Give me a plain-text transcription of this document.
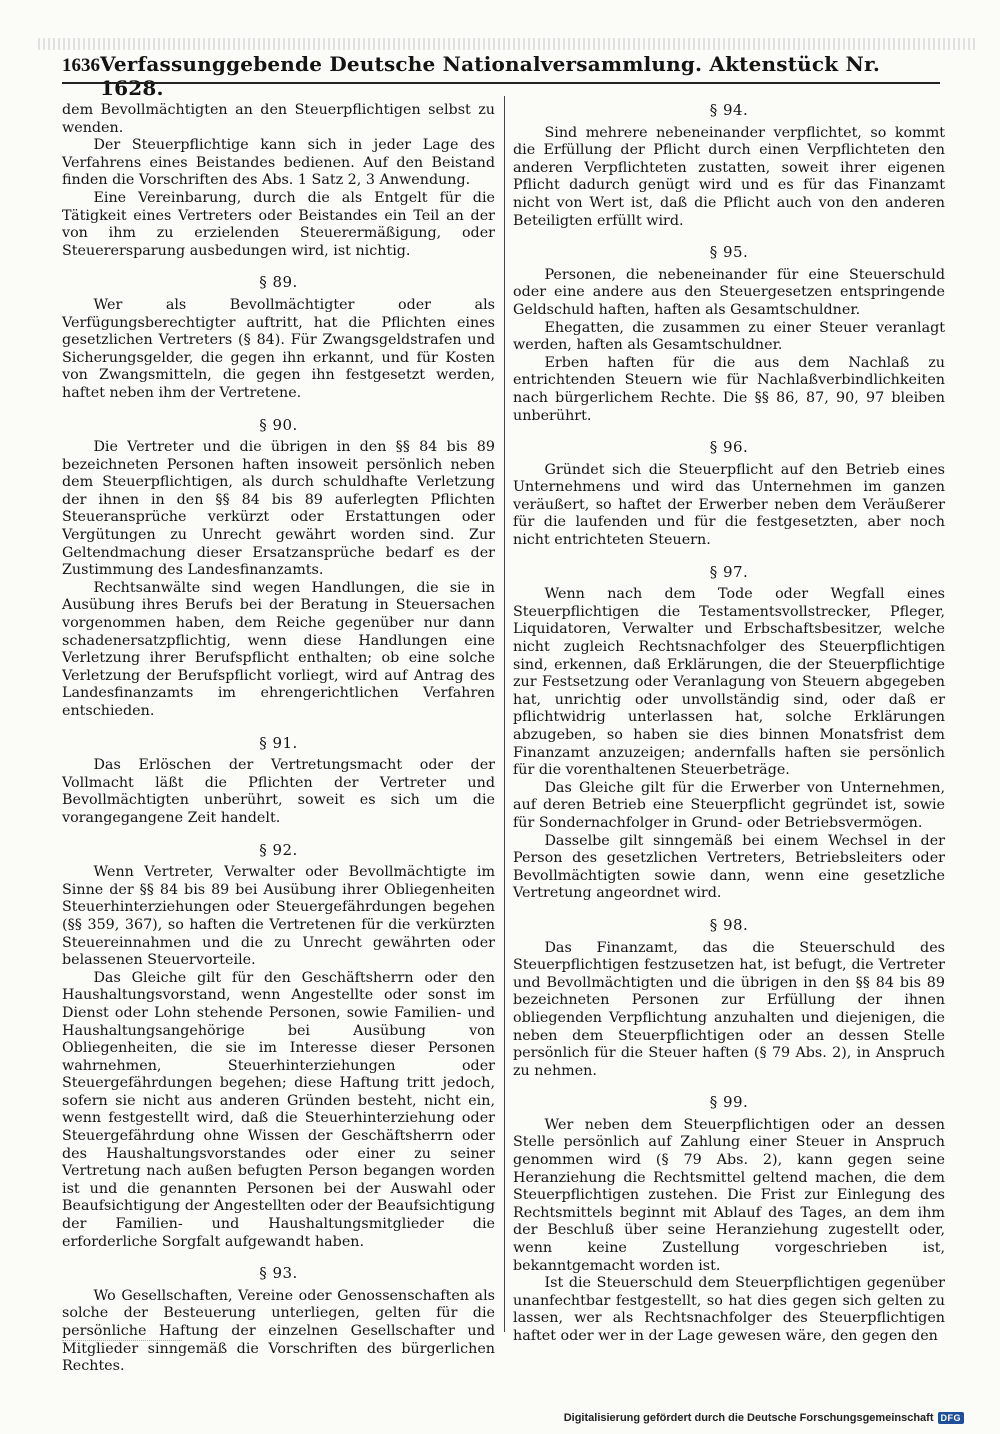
1636 Verfassunggebende Deutsche Nationalversammlung. Aktenstück Nr. 1628.

dem Bevollmächtigten an den Steuerpflichtigen selbst zu wenden.

Der Steuerpflichtige kann sich in jeder Lage des Verfahrens eines Beistandes bedienen. Auf den Beistand finden die Vorschriften des Abs. 1 Satz 2, 3 Anwendung.

Eine Vereinbarung, durch die als Entgelt für die Tätigkeit eines Vertreters oder Beistandes ein Teil an der von ihm zu erzielenden Steuerermäßigung, oder Steuerersparung ausbedungen wird, ist nichtig.

§ 89.

Wer als Bevollmächtigter oder als Verfügungsberechtigter auftritt, hat die Pflichten eines gesetzlichen Vertreters (§ 84). Für Zwangsgeldstrafen und Sicherungsgelder, die gegen ihn erkannt, und für Kosten von Zwangsmitteln, die gegen ihn festgesetzt werden, haftet neben ihm der Vertretene.

§ 90.

Die Vertreter und die übrigen in den §§ 84 bis 89 bezeichneten Personen haften insoweit persönlich neben dem Steuerpflichtigen, als durch schuldhafte Verletzung der ihnen in den §§ 84 bis 89 auferlegten Pflichten Steueransprüche verkürzt oder Erstattungen oder Vergütungen zu Unrecht gewährt worden sind. Zur Geltendmachung dieser Ersatzansprüche bedarf es der Zustimmung des Landesfinanzamts.

Rechtsanwälte sind wegen Handlungen, die sie in Ausübung ihres Berufs bei der Beratung in Steuersachen vorgenommen haben, dem Reiche gegenüber nur dann schadenersatzpflichtig, wenn diese Handlungen eine Verletzung ihrer Berufspflicht enthalten; ob eine solche Verletzung der Berufspflicht vorliegt, wird auf Antrag des Landesfinanzamts im ehrengerichtlichen Verfahren entschieden.

§ 91.

Das Erlöschen der Vertretungsmacht oder der Vollmacht läßt die Pflichten der Vertreter und Bevollmächtigten unberührt, soweit es sich um die vorangegangene Zeit handelt.

§ 92.

Wenn Vertreter, Verwalter oder Bevollmächtigte im Sinne der §§ 84 bis 89 bei Ausübung ihrer Obliegenheiten Steuerhinterziehungen oder Steuergefährdungen begehen (§§ 359, 367), so haften die Vertretenen für die verkürzten Steuereinnahmen und die zu Unrecht gewährten oder belassenen Steuervorteile.

Das Gleiche gilt für den Geschäftsherrn oder den Haushaltungsvorstand, wenn Angestellte oder sonst im Dienst oder Lohn stehende Personen, sowie Familien- und Haushaltungsangehörige bei Ausübung von Obliegenheiten, die sie im Interesse dieser Personen wahrnehmen, Steuerhinterziehungen oder Steuergefährdungen begehen; diese Haftung tritt jedoch, sofern sie nicht aus anderen Gründen besteht, nicht ein, wenn festgestellt wird, daß die Steuerhinterziehung oder Steuergefährdung ohne Wissen der Geschäftsherrn oder des Haushaltungsvorstandes oder einer zu seiner Vertretung nach außen befugten Person begangen worden ist und die genannten Personen bei der Auswahl oder Beaufsichtigung der Angestellten oder der Beaufsichtigung der Familien- und Haushaltungsmitglieder die erforderliche Sorgfalt aufgewandt haben.

§ 93.

Wo Gesellschaften, Vereine oder Genossenschaften als solche der Besteuerung unterliegen, gelten für die persönliche Haftung der einzelnen Gesellschafter und Mitglieder sinngemäß die Vorschriften des bürgerlichen Rechtes.

§ 94.

Sind mehrere nebeneinander verpflichtet, so kommt die Erfüllung der Pflicht durch einen Verpflichteten den anderen Verpflichteten zustatten, soweit ihrer eigenen Pflicht dadurch genügt wird und es für das Finanzamt nicht von Wert ist, daß die Pflicht auch von den anderen Beteiligten erfüllt wird.

§ 95.

Personen, die nebeneinander für eine Steuerschuld oder eine andere aus den Steuergesetzen entspringende Geldschuld haften, haften als Gesamtschuldner.

Ehegatten, die zusammen zu einer Steuer veranlagt werden, haften als Gesamtschuldner.

Erben haften für die aus dem Nachlaß zu entrichtenden Steuern wie für Nachlaßverbindlichkeiten nach bürgerlichem Rechte. Die §§ 86, 87, 90, 97 bleiben unberührt.

§ 96.

Gründet sich die Steuerpflicht auf den Betrieb eines Unternehmens und wird das Unternehmen im ganzen veräußert, so haftet der Erwerber neben dem Veräußerer für die laufenden und für die festgesetzten, aber noch nicht entrichteten Steuern.

§ 97.

Wenn nach dem Tode oder Wegfall eines Steuerpflichtigen die Testamentsvollstrecker, Pfleger, Liquidatoren, Verwalter und Erbschaftsbesitzer, welche nicht zugleich Rechtsnachfolger des Steuerpflichtigen sind, erkennen, daß Erklärungen, die der Steuerpflichtige zur Festsetzung oder Veranlagung von Steuern abgegeben hat, unrichtig oder unvollständig sind, oder daß er pflichtwidrig unterlassen hat, solche Erklärungen abzugeben, so haben sie dies binnen Monatsfrist dem Finanzamt anzuzeigen; andernfalls haften sie persönlich für die vorenthaltenen Steuerbeträge.

Das Gleiche gilt für die Erwerber von Unternehmen, auf deren Betrieb eine Steuerpflicht gegründet ist, sowie für Sondernachfolger in Grund- oder Betriebsvermögen.

Dasselbe gilt sinngemäß bei einem Wechsel in der Person des gesetzlichen Vertreters, Betriebsleiters oder Bevollmächtigten sowie dann, wenn eine gesetzliche Vertretung angeordnet wird.

§ 98.

Das Finanzamt, das die Steuerschuld des Steuerpflichtigen festzusetzen hat, ist befugt, die Vertreter und Bevollmächtigten und die übrigen in den §§ 84 bis 89 bezeichneten Personen zur Erfüllung der ihnen obliegenden Verpflichtung anzuhalten und diejenigen, die neben dem Steuerpflichtigen oder an dessen Stelle persönlich für die Steuer haften (§ 79 Abs. 2), in Anspruch zu nehmen.

§ 99.

Wer neben dem Steuerpflichtigen oder an dessen Stelle persönlich auf Zahlung einer Steuer in Anspruch genommen wird (§ 79 Abs. 2), kann gegen seine Heranziehung die Rechtsmittel geltend machen, die dem Steuerpflichtigen zustehen. Die Frist zur Einlegung des Rechtsmittels beginnt mit Ablauf des Tages, an dem ihm der Beschluß über seine Heranziehung zugestellt oder, wenn keine Zustellung vorgeschrieben ist, bekanntgemacht worden ist.

Ist die Steuerschuld dem Steuerpflichtigen gegenüber unanfechtbar festgestellt, so hat dies gegen sich gelten zu lassen, wer als Rechtsnachfolger des Steuerpflichtigen haftet oder wer in der Lage gewesen wäre, den gegen den

Digitalisierung gefördert durch die Deutsche Forschungsgemeinschaft DFG
